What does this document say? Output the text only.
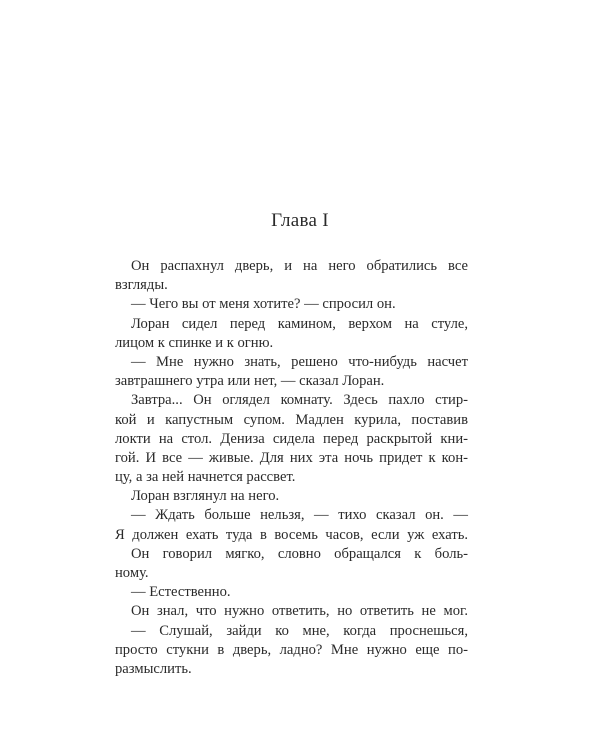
Глава I
Он распахнул дверь, и на него обратились все
взгляды.
— Чего вы от меня хотите? — спросил он.
Лоран сидел перед камином, верхом на стуле,
лицом к спинке и к огню.
— Мне нужно знать, решено что-нибудь насчет
завтрашнего утра или нет, — сказал Лоран.
Завтра... Он оглядел комнату. Здесь пахло стир-
кой и капустным супом. Мадлен курила, поставив
локти на стол. Дениза сидела перед раскрытой кни-
гой. И все — живые. Для них эта ночь придет к кон-
цу, а за ней начнется рассвет.
Лоран взглянул на него.
— Ждать больше нельзя, — тихо сказал он. —
Я должен ехать туда в восемь часов, если уж ехать.
Он говорил мягко, словно обращался к боль-
ному.
— Естественно.
Он знал, что нужно ответить, но ответить не мог.
— Слушай, зайди ко мне, когда проснешься,
просто стукни в дверь, ладно? Мне нужно еще по-
размыслить.
